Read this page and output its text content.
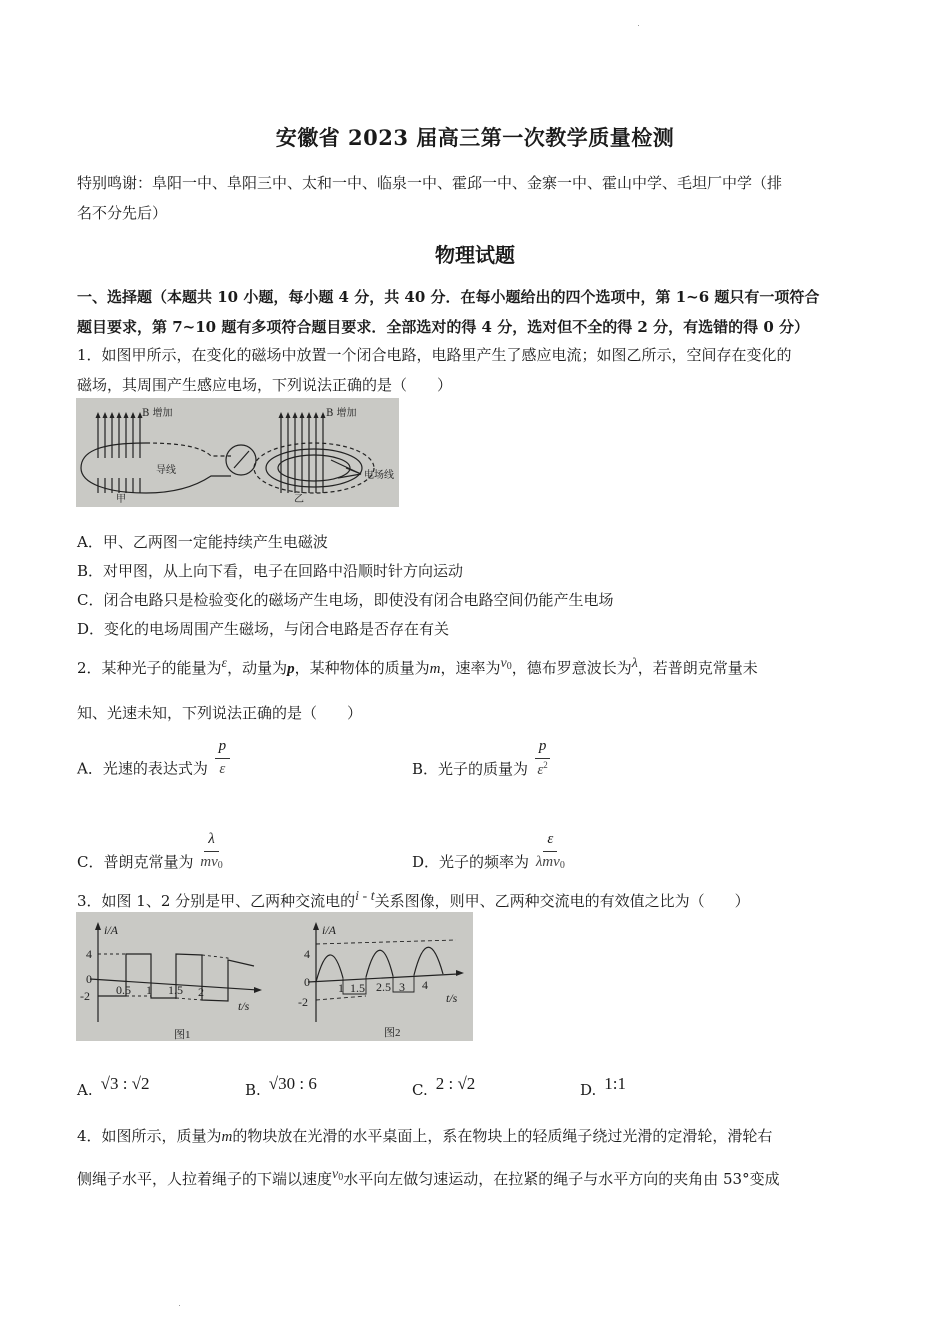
安徽省 2023 届高三第一次教学质量检测
特别鸣谢：阜阳一中、阜阳三中、太和一中、临泉一中、霍邱一中、金寨一中、霍山中学、毛坦厂中学（排
名不分先后）
物理试题
一、选择题（本题共 10 小题，每小题 4 分，共 40 分．在每小题给出的四个选项中，第 1~6 题只有一项符合
题目要求，第 7~10 题有多项符合题目要求．全部选对的得 4 分，选对但不全的得 2 分，有选错的得 0 分）
1．如图甲所示，在变化的磁场中放置一个闭合电路，电路里产生了感应电流；如图乙所示，空间存在变化的
磁场，其周围产生感应电场，下列说法正确的是（　　）
B 增加
导线
甲
B 增加
电场线
乙
A．甲、乙两图一定能持续产生电磁波
B．对甲图，从上向下看，电子在回路中沿顺时针方向运动
C．闭合电路只是检验变化的磁场产生电场，即使没有闭合电路空间仍能产生电场
D．变化的电场周围产生磁场，与闭合电路是否存在有关
2．某种光子的能量为ε，动量为p，某种物体的质量为m，速率为$v_0$，德布罗意波长为λ，若普朗克常量未
知、光速未知，下列说法正确的是（　　）
A．光速的表达式为 $\frac{p}{\varepsilon}$	B．光子的质量为 $\frac{p}{\varepsilon^2}$
C．普朗克常量为 $\frac{\lambda}{mv_0}$	D．光子的频率为 $\frac{\varepsilon}{\lambda mv_0}$
3．如图 1、2 分别是甲、乙两种交流电的i - t关系图像，则甲、乙两种交流电的有效值之比为（　　）
i/A
4
0
-2 0.5 1 1.5 2
t/s
图1
i/A
4
0
-2
1 1.5 2.5 3 4
t/s
图2
A. √3 : √2	B. √30 : 6	C. 2 : √2	D. 1:1
4．如图所示，质量为m的物块放在光滑的水平桌面上，系在物块上的轻质绳子绕过光滑的定滑轮，滑轮右
侧绳子水平，人拉着绳子的下端以速度$v_0$水平向左做匀速运动，在拉紧的绳子与水平方向的夹角由 53°变成
